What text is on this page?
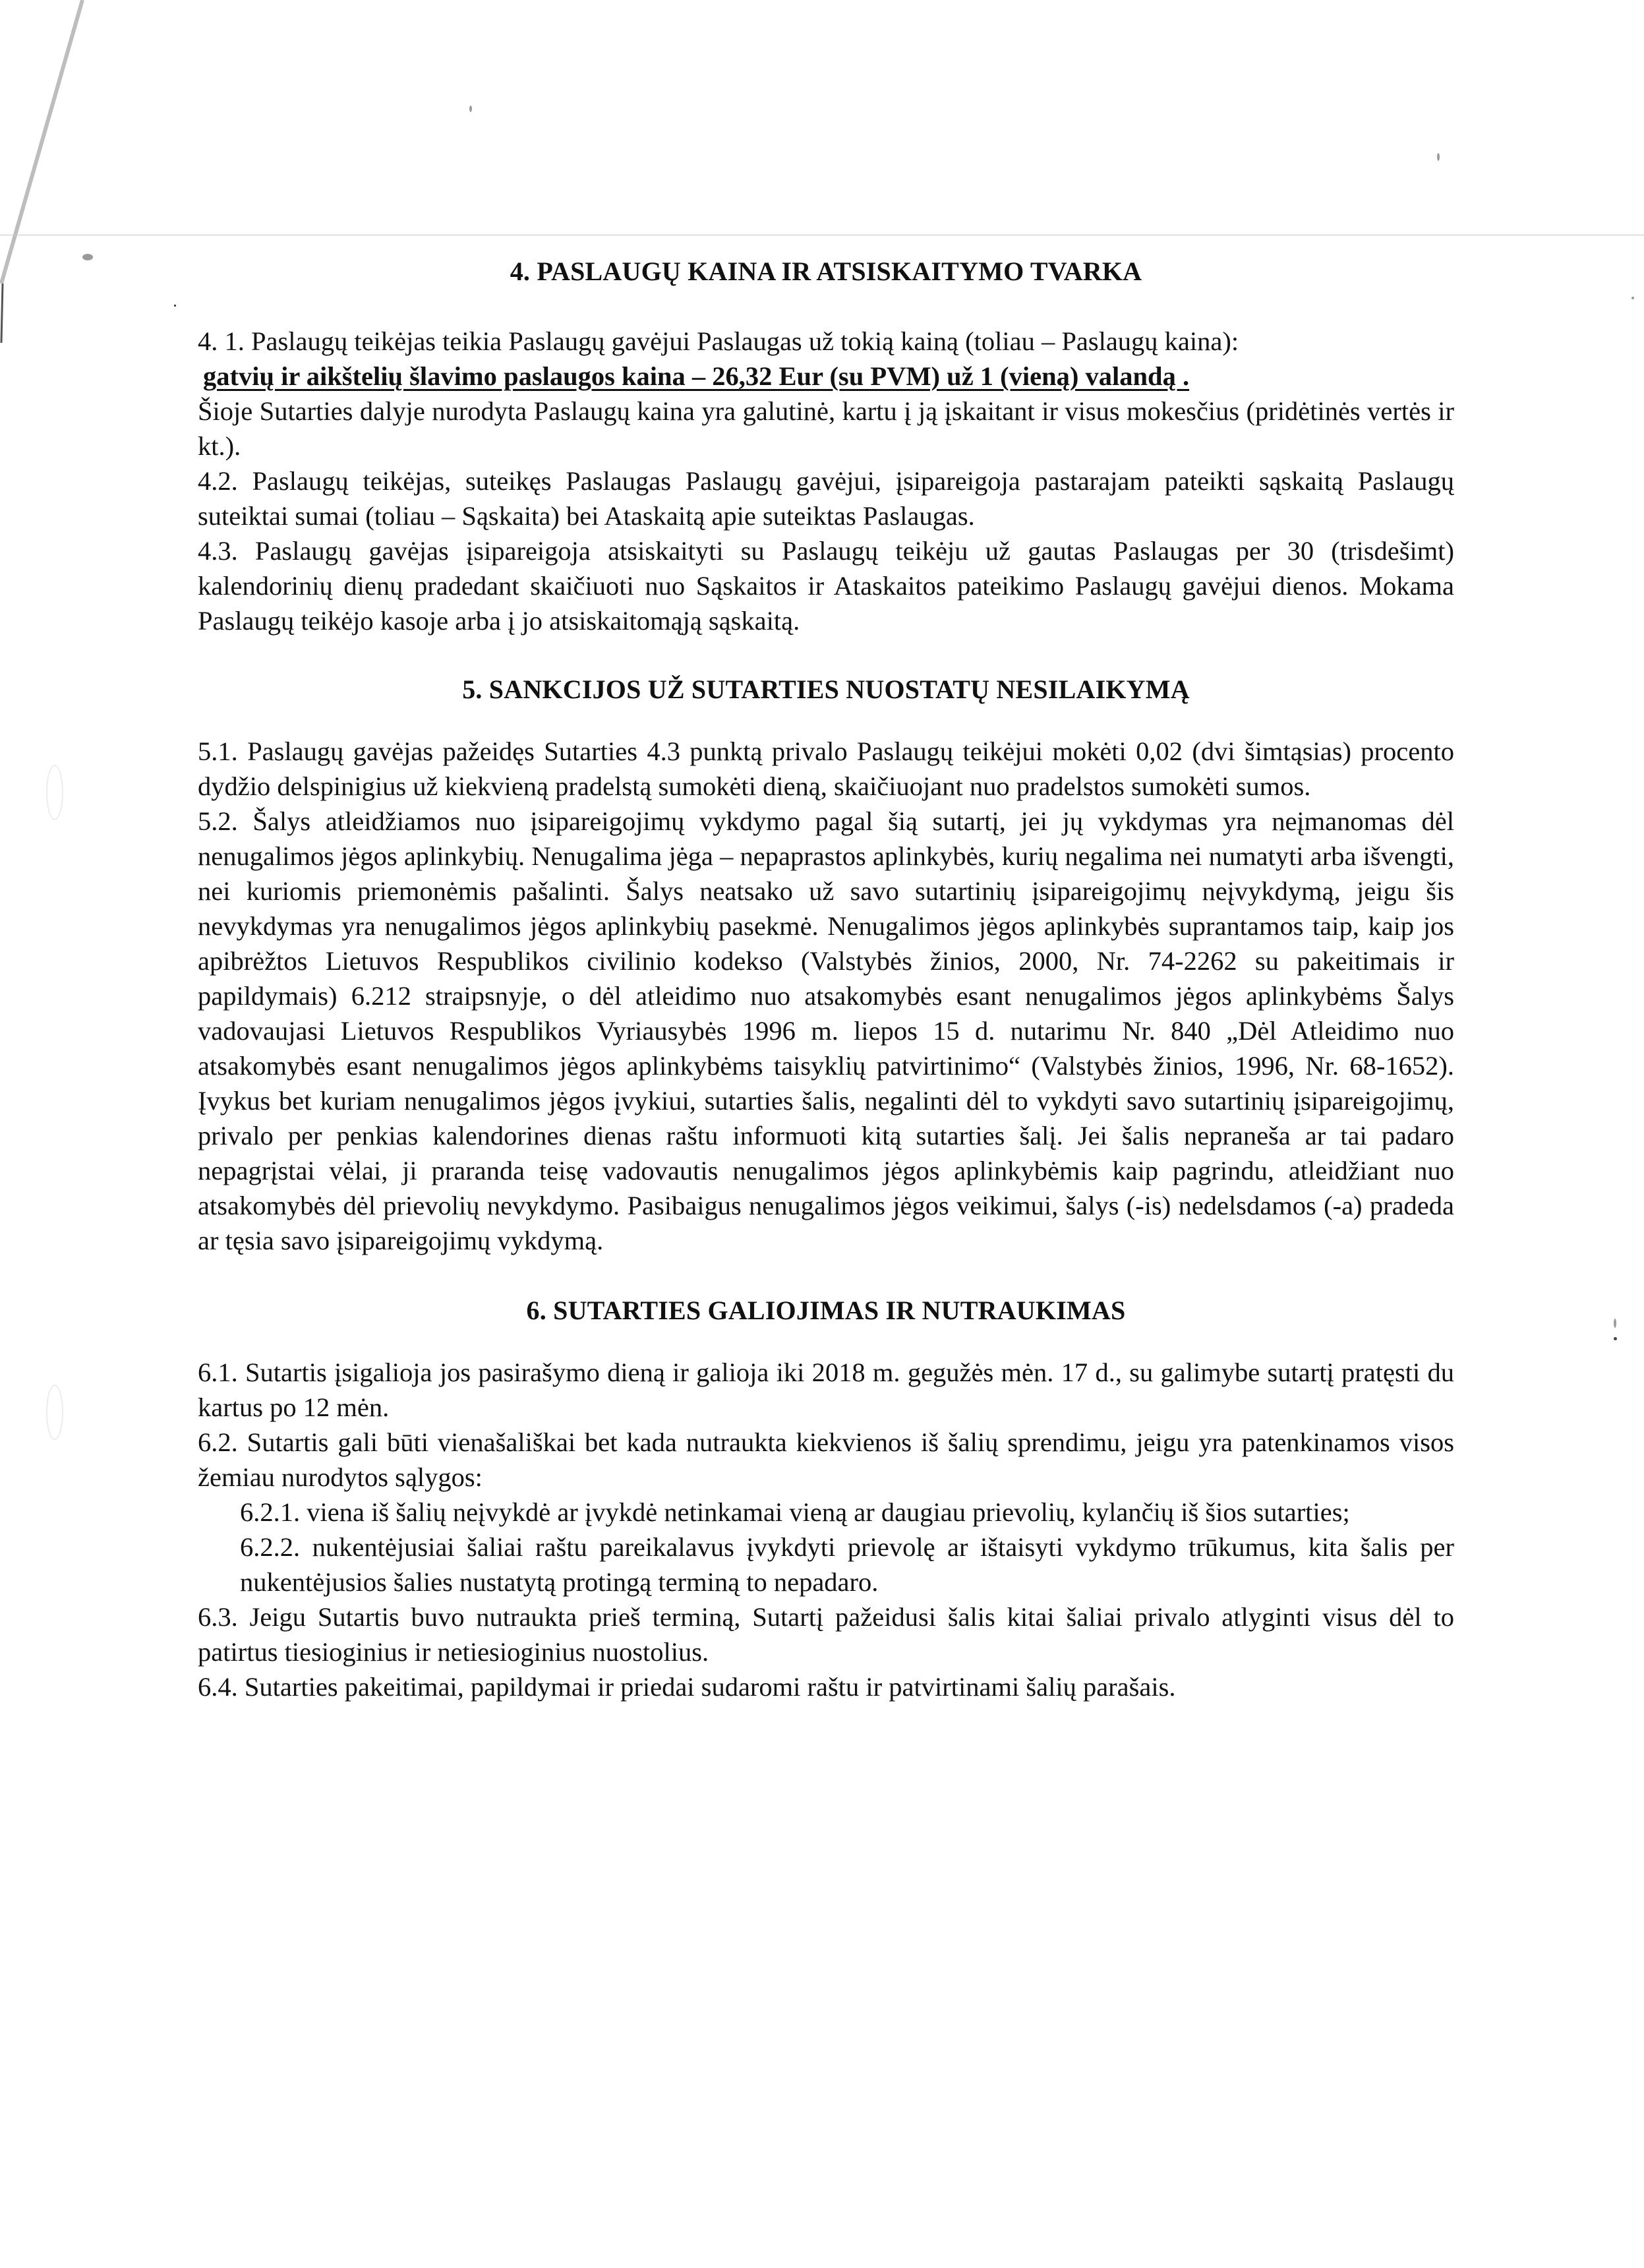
4. PASLAUGŲ KAINA IR ATSISKAITYMO TVARKA

4. 1. Paslaugų teikėjas teikia Paslaugų gavėjui Paslaugas už tokią kainą (toliau – Paslaugų kaina):

gatvių ir aikštelių šlavimo paslaugos kaina – 26,32 Eur (su PVM) už 1 (vieną) valandą .

Šioje Sutarties dalyje nurodyta Paslaugų kaina yra galutinė, kartu į ją įskaitant ir visus mokesčius (pridėtinės vertės ir kt.).

4.2. Paslaugų teikėjas, suteikęs Paslaugas Paslaugų gavėjui, įsipareigoja pastarajam pateikti sąskaitą Paslaugų suteiktai sumai (toliau – Sąskaita) bei Ataskaitą apie suteiktas Paslaugas.

4.3. Paslaugų gavėjas įsipareigoja atsiskaityti su Paslaugų teikėju už gautas Paslaugas per 30 (trisdešimt) kalendorinių dienų pradedant skaičiuoti nuo Sąskaitos ir Ataskaitos pateikimo Paslaugų gavėjui dienos. Mokama Paslaugų teikėjo kasoje arba į jo atsiskaitomąją sąskaitą.

5. SANKCIJOS UŽ SUTARTIES NUOSTATŲ NESILAIKYMĄ

5.1. Paslaugų gavėjas pažeidęs Sutarties 4.3 punktą privalo Paslaugų teikėjui mokėti 0,02 (dvi šimtąsias) procento dydžio delspinigius už kiekvieną pradelstą sumokėti dieną, skaičiuojant nuo pradelstos sumokėti sumos.

5.2. Šalys atleidžiamos nuo įsipareigojimų vykdymo pagal šią sutartį, jei jų vykdymas yra neįmanomas dėl nenugalimos jėgos aplinkybių. Nenugalima jėga – nepaprastos aplinkybės, kurių negalima nei numatyti arba išvengti, nei kuriomis priemonėmis pašalinti. Šalys neatsako už savo sutartinių įsipareigojimų neįvykdymą, jeigu šis nevykdymas yra nenugalimos jėgos aplinkybių pasekmė. Nenugalimos jėgos aplinkybės suprantamos taip, kaip jos apibrėžtos Lietuvos Respublikos civilinio kodekso (Valstybės žinios, 2000, Nr. 74-2262 su pakeitimais ir papildymais) 6.212 straipsnyje, o dėl atleidimo nuo atsakomybės esant nenugalimos jėgos aplinkybėms Šalys vadovaujasi Lietuvos Respublikos Vyriausybės 1996 m. liepos 15 d. nutarimu Nr. 840 „Dėl Atleidimo nuo atsakomybės esant nenugalimos jėgos aplinkybėms taisyklių patvirtinimo“ (Valstybės žinios, 1996, Nr. 68-1652). Įvykus bet kuriam nenugalimos jėgos įvykiui, sutarties šalis, negalinti dėl to vykdyti savo sutartinių įsipareigojimų, privalo per penkias kalendorines dienas raštu informuoti kitą sutarties šalį. Jei šalis nepraneša ar tai padaro nepagrįstai vėlai, ji praranda teisę vadovautis nenugalimos jėgos aplinkybėmis kaip pagrindu, atleidžiant nuo atsakomybės dėl prievolių nevykdymo. Pasibaigus nenugalimos jėgos veikimui, šalys (-is) nedelsdamos (-a) pradeda ar tęsia savo įsipareigojimų vykdymą.

6. SUTARTIES GALIOJIMAS IR NUTRAUKIMAS

6.1. Sutartis įsigalioja jos pasirašymo dieną ir galioja iki 2018 m. gegužės mėn. 17 d., su galimybe sutartį pratęsti du kartus po 12 mėn.

6.2. Sutartis gali būti vienašališkai bet kada nutraukta kiekvienos iš šalių sprendimu, jeigu yra patenkinamos visos žemiau nurodytos sąlygos:

6.2.1. viena iš šalių neįvykdė ar įvykdė netinkamai vieną ar daugiau prievolių, kylančių iš šios sutarties;

6.2.2. nukentėjusiai šaliai raštu pareikalavus įvykdyti prievolę ar ištaisyti vykdymo trūkumus, kita šalis per nukentėjusios šalies nustatytą protingą terminą to nepadaro.

6.3. Jeigu Sutartis buvo nutraukta prieš terminą, Sutartį pažeidusi šalis kitai šaliai privalo atlyginti visus dėl to patirtus tiesioginius ir netiesioginius nuostolius.

6.4. Sutarties pakeitimai, papildymai ir priedai sudaromi raštu ir patvirtinami šalių parašais.
